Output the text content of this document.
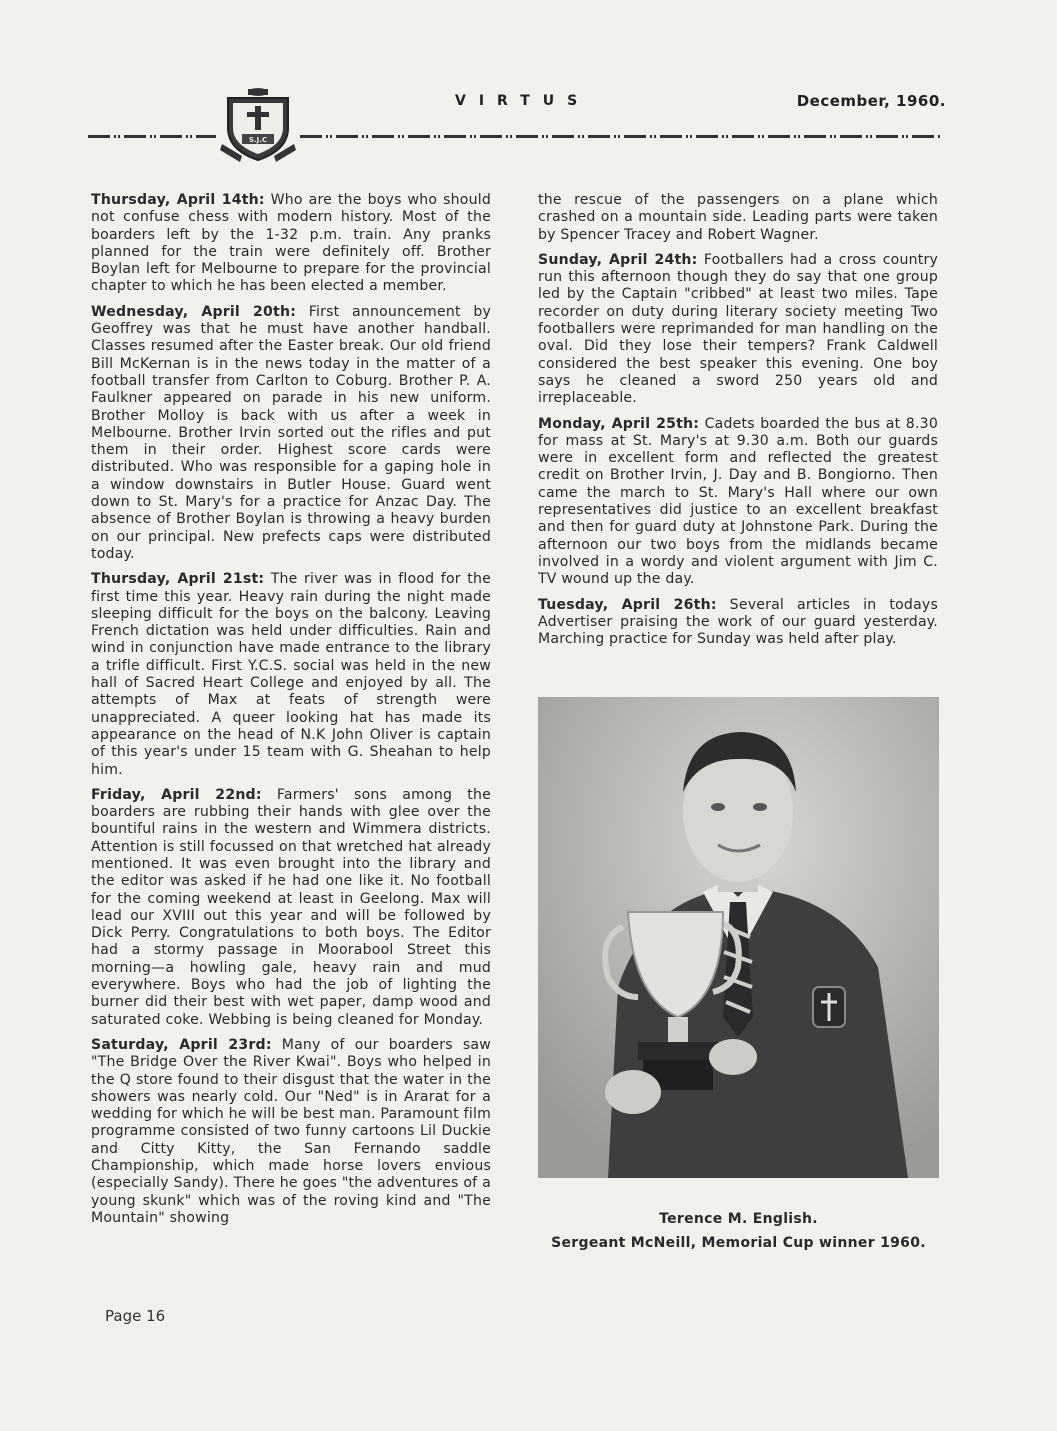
S.J.C
VIRTUS	December, 1960.

Thursday, April 14th: Who are the boys who should not confuse chess with modern history. Most of the boarders left by the 1-32 p.m. train. Any pranks planned for the train were definitely off. Brother Boylan left for Melbourne to prepare for the provincial chapter to which he has been elected a member.

Wednesday, April 20th: First announcement by Geoffrey was that he must have another handball. Classes resumed after the Easter break. Our old friend Bill McKernan is in the news today in the matter of a football transfer from Carlton to Coburg. Brother P. A. Faulkner appeared on parade in his new uniform. Brother Molloy is back with us after a week in Melbourne. Brother Irvin sorted out the rifles and put them in their order. Highest score cards were distributed. Who was responsible for a gaping hole in a window downstairs in Butler House. Guard went down to St. Mary's for a practice for Anzac Day. The absence of Brother Boylan is throwing a heavy burden on our principal. New prefects caps were distributed today.

Thursday, April 21st: The river was in flood for the first time this year. Heavy rain during the night made sleeping difficult for the boys on the balcony. Leaving French dictation was held under difficulties. Rain and wind in conjunction have made entrance to the library a trifle difficult. First Y.C.S. social was held in the new hall of Sacred Heart College and enjoyed by all. The attempts of Max at feats of strength were unappreciated. A queer looking hat has made its appearance on the head of N.K John Oliver is captain of this year's under 15 team with G. Sheahan to help him.

Friday, April 22nd: Farmers' sons among the boarders are rubbing their hands with glee over the bountiful rains in the western and Wimmera districts. Attention is still focussed on that wretched hat already mentioned. It was even brought into the library and the editor was asked if he had one like it. No football for the coming weekend at least in Geelong. Max will lead our XVIII out this year and will be followed by Dick Perry. Congratulations to both boys. The Editor had a stormy passage in Moorabool Street this morning—a howling gale, heavy rain and mud everywhere. Boys who had the job of lighting the burner did their best with wet paper, damp wood and saturated coke. Webbing is being cleaned for Monday.

Saturday, April 23rd: Many of our boarders saw "The Bridge Over the River Kwai". Boys who helped in the Q store found to their disgust that the water in the showers was nearly cold. Our "Ned" is in Ararat for a wedding for which he will be best man. Paramount film programme consisted of two funny cartoons Lil Duckie and Citty Kitty, the San Fernando saddle Championship, which made horse lovers envious (especially Sandy). There he goes "the adventures of a young skunk" which was of the roving kind and "The Mountain" showing

the rescue of the passengers on a plane which crashed on a mountain side. Leading parts were taken by Spencer Tracey and Robert Wagner.

Sunday, April 24th: Footballers had a cross country run this afternoon though they do say that one group led by the Captain "cribbed" at least two miles. Tape recorder on duty during literary society meeting Two footballers were reprimanded for man handling on the oval. Did they lose their tempers? Frank Caldwell considered the best speaker this evening. One boy says he cleaned a sword 250 years old and irreplaceable.

Monday, April 25th: Cadets boarded the bus at 8.30 for mass at St. Mary's at 9.30 a.m. Both our guards were in excellent form and reflected the greatest credit on Brother Irvin, J. Day and B. Bongiorno. Then came the march to St. Mary's Hall where our own representatives did justice to an excellent breakfast and then for guard duty at Johnstone Park. During the afternoon our two boys from the midlands became involved in a wordy and violent argument with Jim C. TV wound up the day.

Tuesday, April 26th: Several articles in todays Advertiser praising the work of our guard yesterday. Marching practice for Sunday was held after play.

Terence M. English.
Sergeant McNeill, Memorial Cup winner 1960.
Page 16
